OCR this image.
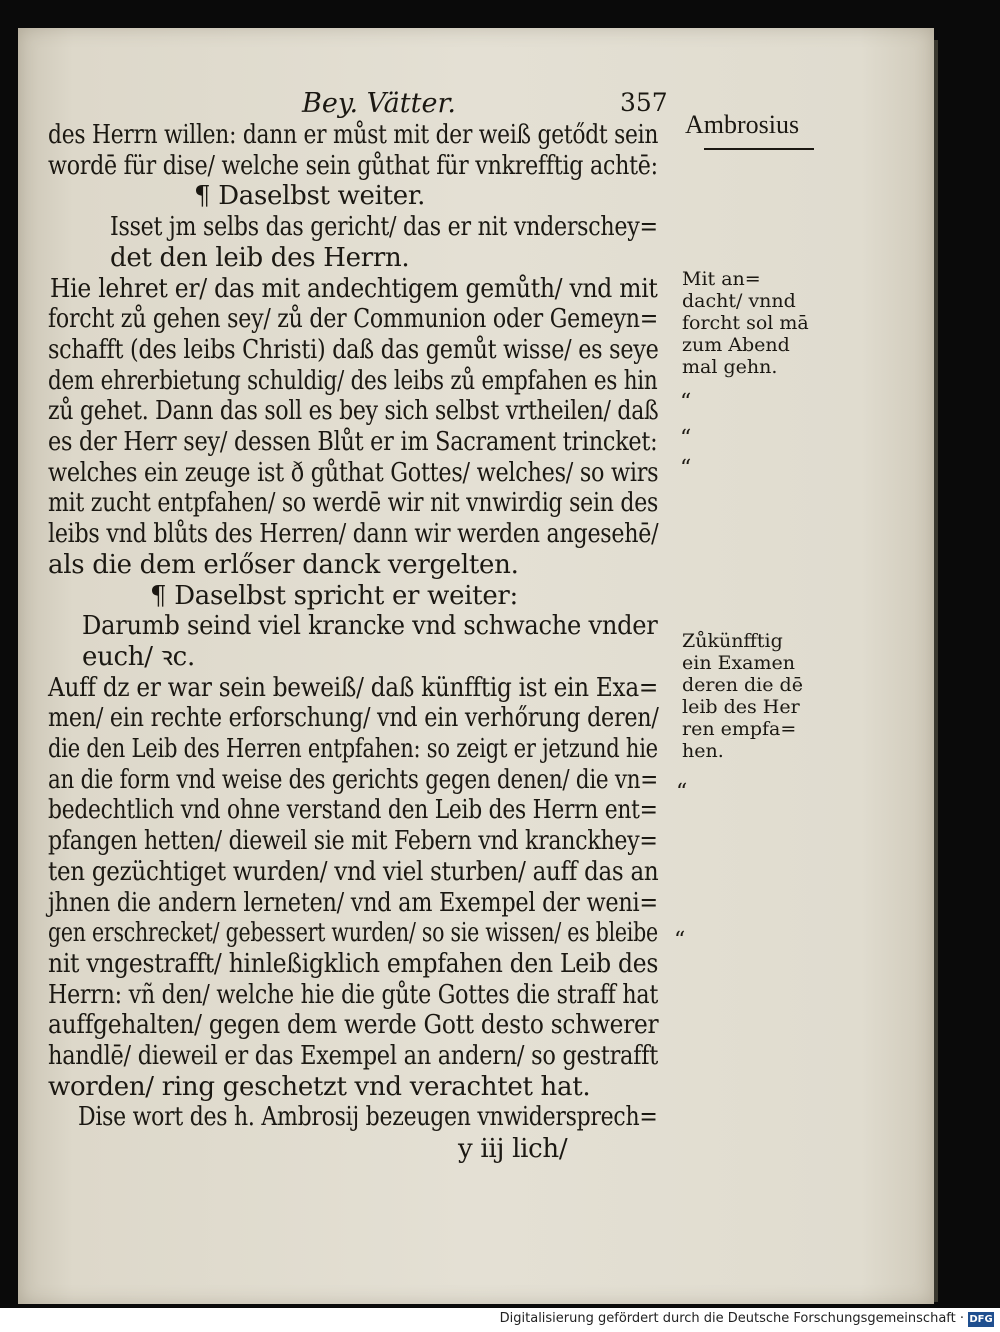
Bey. Vätter.	357
Ambrosius
des Herrn willen: dann er můst mit der weiß getődt sein
wordē für dise/ welche sein gůthat für vnkrefftig achtē:
¶ Daselbst weiter.
Isset jm selbs das gericht/ das er nit vnderschey=
det den leib des Herrn.
Hie lehret er/ das mit andechtigem gemůth/ vnd mit
forcht zů gehen sey/ zů der Communion oder Gemeyn=
schafft (des leibs Christi) daß das gemůt wisse/ es seye
dem ehrerbietung schuldig/ des leibs zů empfahen es hin
zů gehet. Dann das soll es bey sich selbst vrtheilen/ daß
es der Herr sey/ dessen Blůt er im Sacrament trincket:
welches ein zeuge ist ð gůthat Gottes/ welches/ so wirs
mit zucht entpfahen/ so werdē wir nit vnwirdig sein des
leibs vnd blůts des Herren/ dann wir werden angesehē/
als die dem erlőser danck vergelten.
¶ Daselbst spricht er weiter:
Darumb seind viel krancke vnd schwache vnder
euch/ ꝛc.
Auff dz er war sein beweiß/ daß künfftig ist ein Exa=
men/ ein rechte erforschung/ vnd ein verhőrung deren/
die den Leib des Herren entpfahen: so zeigt er jetzund hie
an die form vnd weise des gerichts gegen denen/ die vn=
bedechtlich vnd ohne verstand den Leib des Herrn ent=
pfangen hetten/ dieweil sie mit Febern vnd kranckhey=
ten gezüchtiget wurden/ vnd viel sturben/ auff das an
jhnen die andern lerneten/ vnd am Exempel der weni=
gen erschrecket/ gebessert wurden/ so sie wissen/ es bleibe
nit vngestrafft/ hinleßigklich empfahen den Leib des
Herrn: vñ den/ welche hie die gůte Gottes die straff hat
auffgehalten/ gegen dem werde Gott desto schwerer
handlē/ dieweil er das Exempel an andern/ so gestrafft
worden/ ring geschetzt vnd verachtet hat.
Dise wort des h. Ambrosij bezeugen vnwidersprech=
y iij lich/
Mit an=
dacht/ vnnd
forcht sol mā
zum Abend
mal gehn.
Zůkünfftig
ein Examen
deren die dē
leib des Her
ren empfa=
hen.
“
“
“
“
“
Digitalisierung gefördert durch die Deutsche Forschungsgemeinschaft · DFG
